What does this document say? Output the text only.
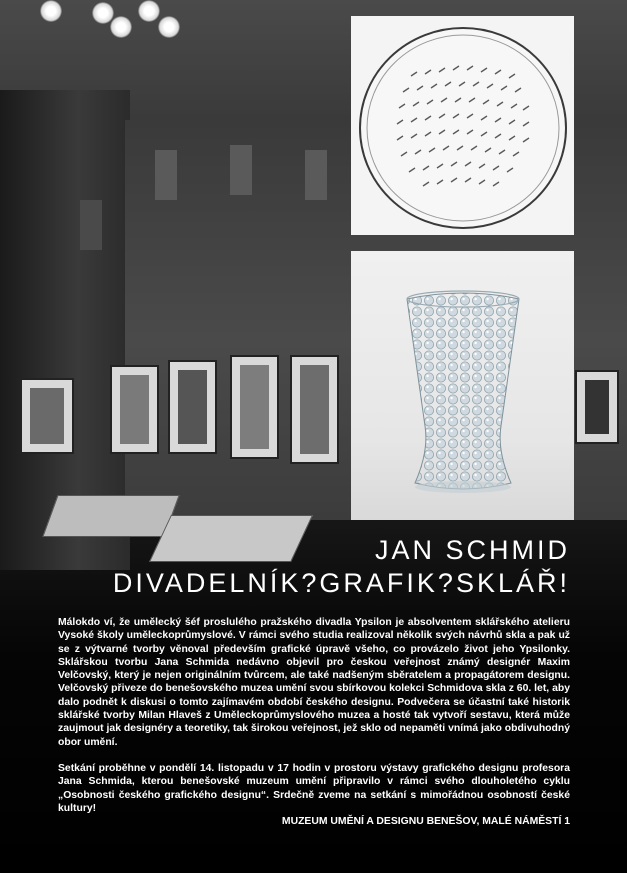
JAN SCHMID
DIVADELNÍK?GRAFIK?SKLÁŘ!

Málokdo ví, že umělecký šéf proslulého pražského divadla Ypsilon je absolventem sklářského atelieru Vysoké školy uměleckoprůmyslové. V rámci svého studia realizoval několik svých návrhů skla a pak už se z výtvarné tvorby věnoval především grafické úpravě všeho, co provázelo život jeho Ypsilonky. Sklářskou tvorbu Jana Schmida nedávno objevil pro českou veřejnost známý designér Maxim Velčovský, který je nejen originálním tvůrcem, ale také nadšeným sběratelem a propagátorem designu. Velčovský přiveze do benešovského muzea umění svou sbírkovou kolekci Schmidova skla z 60. let, aby dalo podnět k diskusi o tomto zajímavém období českého designu. Podvečera se účastní také historik sklářské tvorby Milan Hlaveš z Uměleckoprůmyslového muzea a hosté tak vytvoří sestavu, která může zaujmout jak designéry a teoretiky, tak širokou veřejnost, jež sklo od nepaměti vnímá jako obdivuhodný obor umění.

Setkání proběhne v pondělí 14. listopadu v 17 hodin v prostoru výstavy grafického designu profesora Jana Schmida, kterou benešovské muzeum umění připravilo v rámci svého dlouholetého cyklu „Osobnosti českého grafického designu“. Srdečně zveme na setkání s mimořádnou osobností české kultury!

MUZEUM UMĚNÍ A DESIGNU BENEŠOV, MALÉ NÁMĚSTÍ 1
